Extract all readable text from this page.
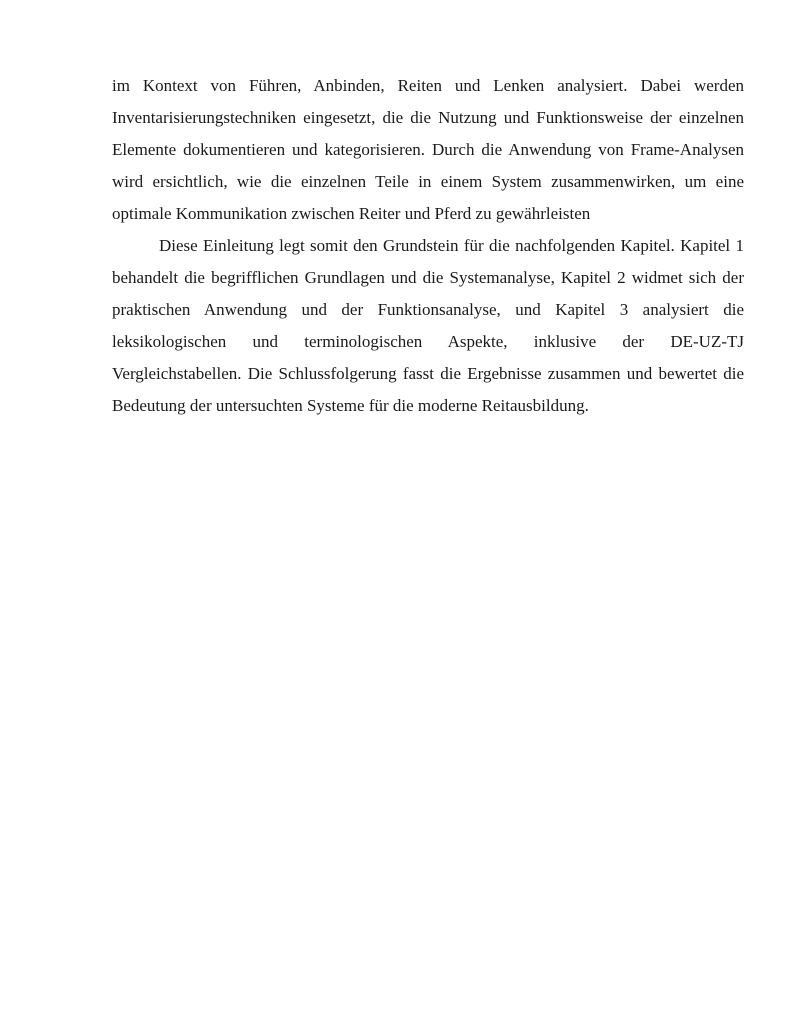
im Kontext von Führen, Anbinden, Reiten und Lenken analysiert. Dabei werden Inventarisierungstechniken eingesetzt, die die Nutzung und Funktionsweise der einzelnen Elemente dokumentieren und kategorisieren. Durch die Anwendung von Frame-Analysen wird ersichtlich, wie die einzelnen Teile in einem System zusammenwirken, um eine optimale Kommunikation zwischen Reiter und Pferd zu gewährleisten

Diese Einleitung legt somit den Grundstein für die nachfolgenden Kapitel. Kapitel 1 behandelt die begrifflichen Grundlagen und die Systemanalyse, Kapitel 2 widmet sich der praktischen Anwendung und der Funktionsanalyse, und Kapitel 3 analysiert die leksikologischen und terminologischen Aspekte, inklusive der DE-UZ-TJ Vergleichstabellen. Die Schlussfolgerung fasst die Ergebnisse zusammen und bewertet die Bedeutung der untersuchten Systeme für die moderne Reitausbildung.
